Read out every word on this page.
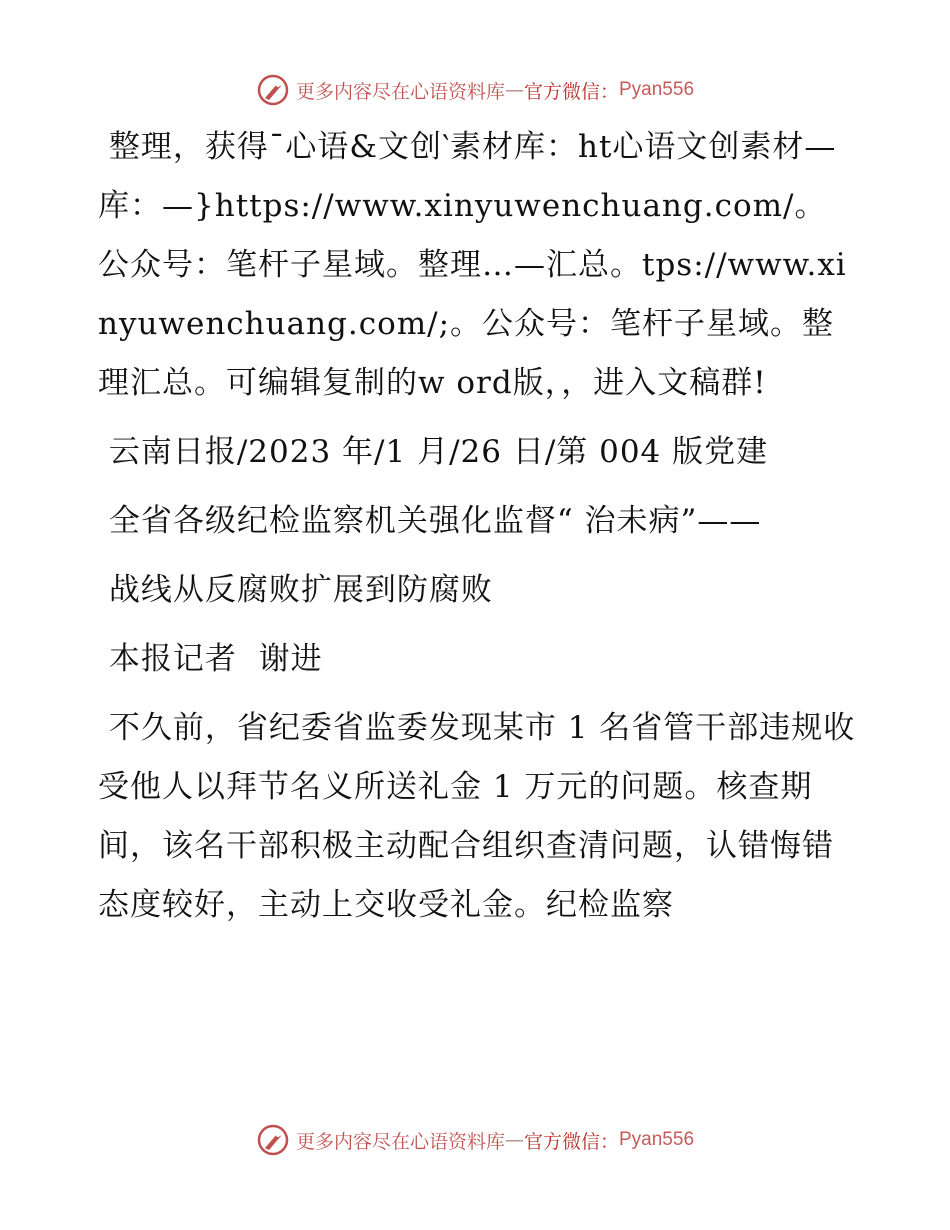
更多内容尽在心语资料库 — 官方微信： Pyan556

整理，获得¯心语&文创‵素材库：ht心语文创素材—库：—}https://www.xinyuwenchuang.com/。公众号：笔杆子星域。整理…—汇总。tps://www.xinyuwenchuang.com/;。公众号：笔杆子星域。整理汇总。可编辑复制的w ord版，，进入文稿群!

云南日报/2023 年/1 月/26 日/第 004 版党建

全省各级纪检监察机关强化监督“ 治未病”——

战线从反腐败扩展到防腐败

本报记者  谢进

不久前，省纪委省监委发现某市 1 名省管干部违规收受他人以拜节名义所送礼金 1 万元的问题。核查期间，该名干部积极主动配合组织查清问题，认错悔错态度较好，主动上交收受礼金。纪检监察

更多内容尽在心语资料库 — 官方微信： Pyan556
